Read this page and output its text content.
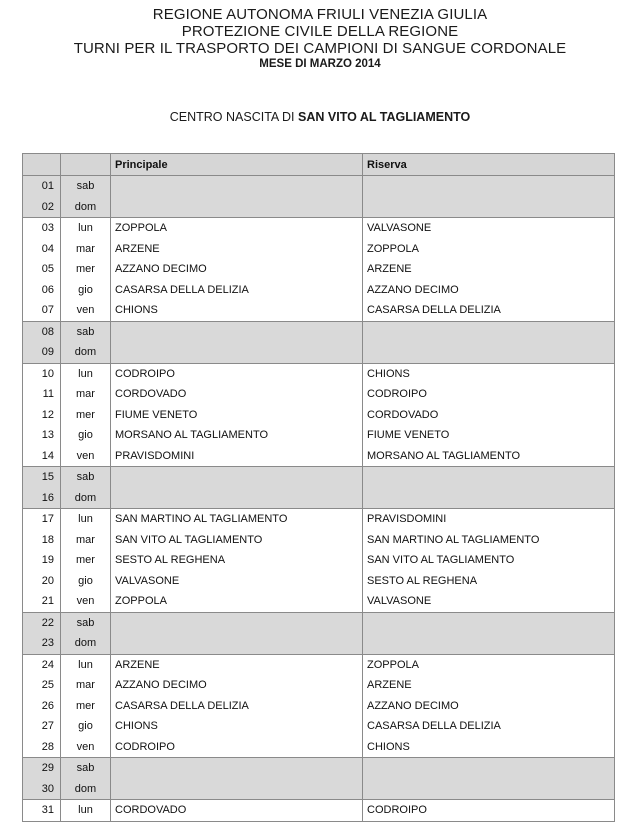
REGIONE AUTONOMA FRIULI VENEZIA GIULIA
PROTEZIONE CIVILE DELLA REGIONE
TURNI PER IL TRASPORTO DEI CAMPIONI DI SANGUE CORDONALE
MESE DI MARZO 2014
CENTRO NASCITA DI SAN VITO AL TAGLIAMENTO
		Principale	Riserva
01	sab		
02	dom		
03	lun	ZOPPOLA	VALVASONE
04	mar	ARZENE	ZOPPOLA
05	mer	AZZANO DECIMO	ARZENE
06	gio	CASARSA DELLA DELIZIA	AZZANO DECIMO
07	ven	CHIONS	CASARSA DELLA DELIZIA
08	sab		
09	dom		
10	lun	CODROIPO	CHIONS
11	mar	CORDOVADO	CODROIPO
12	mer	FIUME VENETO	CORDOVADO
13	gio	MORSANO AL TAGLIAMENTO	FIUME VENETO
14	ven	PRAVISDOMINI	MORSANO AL TAGLIAMENTO
15	sab		
16	dom		
17	lun	SAN MARTINO AL TAGLIAMENTO	PRAVISDOMINI
18	mar	SAN VITO AL TAGLIAMENTO	SAN MARTINO AL TAGLIAMENTO
19	mer	SESTO AL REGHENA	SAN VITO AL TAGLIAMENTO
20	gio	VALVASONE	SESTO AL REGHENA
21	ven	ZOPPOLA	VALVASONE
22	sab		
23	dom		
24	lun	ARZENE	ZOPPOLA
25	mar	AZZANO DECIMO	ARZENE
26	mer	CASARSA DELLA DELIZIA	AZZANO DECIMO
27	gio	CHIONS	CASARSA DELLA DELIZIA
28	ven	CODROIPO	CHIONS
29	sab		
30	dom		
31	lun	CORDOVADO	CODROIPO
